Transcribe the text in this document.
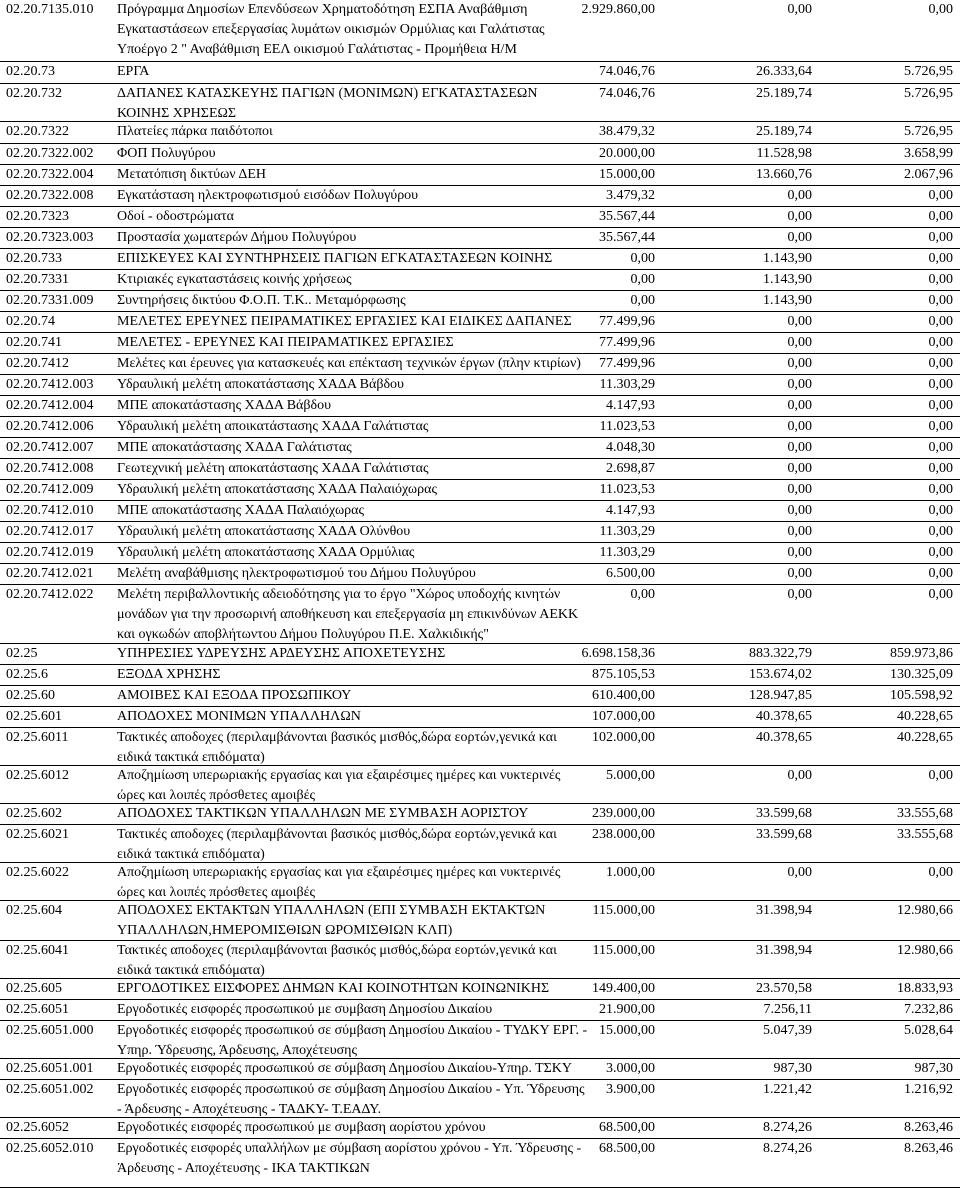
02.20.7135.010 Πρόγραμμα Δημοσίων Επενδύσεων Χρηματοδότηση ΕΣΠΑ Αναβάθμιση
Εγκαταστάσεων επεξεργασίας λυμάτων οικισμών Ορμύλιας και Γαλάτιστας
Υποέργο 2 " Αναβάθμιση ΕΕΛ οικισμού Γαλάτιστας - Προμήθεια Η/Μ
2.929.860,00	0,00	0,00
02.20.73	ΕΡΓΑ	74.046,76	26.333,64	5.726,95
02.20.732	ΔΑΠΑΝΕΣ ΚΑΤΑΣΚΕΥΗΣ ΠΑΓΙΩΝ (ΜΟΝΙΜΩΝ) ΕΓΚΑΤΑΣΤΑΣΕΩΝ
ΚΟΙΝΗΣ ΧΡΗΣΕΩΣ
74.046,76	25.189,74	5.726,95
02.20.7322	Πλατείες πάρκα παιδότοποι	38.479,32	25.189,74	5.726,95
02.20.7322.002 ΦΟΠ Πολυγύρου	20.000,00	11.528,98	3.658,99
02.20.7322.004 Μετατόπιση δικτύων ΔΕΗ	15.000,00	13.660,76	2.067,96
02.20.7322.008 Εγκατάσταση ηλεκτροφωτισμού εισόδων Πολυγύρου	3.479,32	0,00	0,00
02.20.7323	Οδοί - οδοστρώματα	35.567,44	0,00	0,00
02.20.7323.003 Προστασία χωματερών Δήμου Πολυγύρου	35.567,44	0,00	0,00
02.20.733	ΕΠΙΣΚΕΥΕΣ ΚΑΙ ΣΥΝΤΗΡΗΣΕΙΣ ΠΑΓΙΩΝ ΕΓΚΑΤΑΣΤΑΣΕΩΝ ΚΟΙΝΗΣ	0,00	1.143,90	0,00
02.20.7331	Κτιριακές εγκαταστάσεις κοινής χρήσεως	0,00	1.143,90	0,00
02.20.7331.009 Συντηρήσεις δικτύου Φ.Ο.Π. Τ.Κ.. Μεταμόρφωσης	0,00	1.143,90	0,00
02.20.74	ΜΕΛΕΤΕΣ ΕΡΕΥΝΕΣ ΠΕΙΡΑΜΑΤΙΚΕΣ ΕΡΓΑΣΙΕΣ ΚΑΙ ΕΙΔΙΚΕΣ ΔΑΠΑΝΕΣ 77.499,96	0,00	0,00
02.20.741	ΜΕΛΕΤΕΣ - ΕΡΕΥΝΕΣ ΚΑΙ ΠΕΙΡΑΜΑΤΙΚΕΣ ΕΡΓΑΣΙΕΣ	77.499,96	0,00	0,00
02.20.7412	Μελέτες και έρευνες για κατασκευές και επέκταση τεχνικών έργων (πλην κτιρίων) 77.499,96	0,00	0,00
02.20.7412.003 Υδραυλική μελέτη αποκατάστασης ΧΑΔΑ Βάβδου	11.303,29	0,00	0,00
02.20.7412.004 ΜΠΕ αποκατάστασης ΧΑΔΑ Βάβδου	4.147,93	0,00	0,00
02.20.7412.006 Υδραυλική μελέτη αποικατάστασης ΧΑΔΑ Γαλάτιστας	11.023,53	0,00	0,00
02.20.7412.007 ΜΠΕ αποκατάστασης ΧΑΔΑ Γαλάτιστας	4.048,30	0,00	0,00
02.20.7412.008 Γεωτεχνική μελέτη αποκατάστασης ΧΑΔΑ Γαλάτιστας	2.698,87	0,00	0,00
02.20.7412.009 Υδραυλική μελέτη αποκατάστασης ΧΑΔΑ Παλαιόχωρας	11.023,53	0,00	0,00
02.20.7412.010 ΜΠΕ αποκατάστασης ΧΑΔΑ Παλαιόχωρας	4.147,93	0,00	0,00
02.20.7412.017 Υδραυλική μελέτη αποκατάστασης ΧΑΔΑ Ολύνθου	11.303,29	0,00	0,00
02.20.7412.019 Υδραυλική μελέτη αποκατάστασης ΧΑΔΑ Ορμύλιας	11.303,29	0,00	0,00
02.20.7412.021 Μελέτη αναβάθμισης ηλεκτροφωτισμού του Δήμου Πολυγύρου	6.500,00	0,00	0,00
02.20.7412.022 Μελέτη περιβαλλοντικής αδειοδότησης για το έργο "Χώρος υποδοχής κινητών
μονάδων για την προσωρινή αποθήκευση και επεξεργασία μη επικινδύνων ΑΕΚΚ
και ογκωδών αποβλήτωντου Δήμου Πολυγύρου Π.Ε. Χαλκιδικής"
0,00	0,00	0,00
02.25	ΥΠΗΡΕΣΙΕΣ ΥΔΡΕΥΣΗΣ ΑΡΔΕΥΣΗΣ ΑΠΟΧΕΤΕΥΣΗΣ	6.698.158,36	883.322,79	859.973,86
02.25.6	ΕΞΟΔΑ ΧΡΗΣΗΣ	875.105,53	153.674,02	130.325,09
02.25.60	ΑΜΟΙΒΕΣ ΚΑΙ ΕΞΟΔΑ ΠΡΟΣΩΠΙΚΟΥ	610.400,00	128.947,85	105.598,92
02.25.601	ΑΠΟΔΟΧΕΣ ΜΟΝΙΜΩΝ ΥΠΑΛΛΗΛΩΝ	107.000,00	40.378,65	40.228,65
02.25.6011	Τακτικές αποδοχες (περιλαμβάνονται βασικός μισθός,δώρα εορτών,γενικά και
ειδικά τακτικά επιδόματα)
102.000,00	40.378,65	40.228,65
02.25.6012	Αποζημίωση υπερωριακής εργασίας και για εξαιρέσιμες ημέρες και νυκτερινές
ώρες και λοιπές πρόσθετες αμοιβές
5.000,00	0,00	0,00
02.25.602	ΑΠΟΔΟΧΕΣ ΤΑΚΤΙΚΩΝ ΥΠΑΛΛΗΛΩΝ ΜΕ ΣΥΜΒΑΣΗ ΑΟΡΙΣΤΟΥ	239.000,00	33.599,68	33.555,68
02.25.6021	Τακτικές αποδοχες (περιλαμβάνονται βασικός μισθός,δώρα εορτών,γενικά και
ειδικά τακτικά επιδόματα)
238.000,00	33.599,68	33.555,68
02.25.6022	Αποζημίωση υπερωριακής εργασίας και για εξαιρέσιμες ημέρες και νυκτερινές
ώρες και λοιπές πρόσθετες αμοιβές
1.000,00	0,00	0,00
02.25.604	ΑΠΟΔΟΧΕΣ ΕΚΤΑΚΤΩΝ ΥΠΑΛΛΗΛΩΝ (ΕΠΙ ΣΥΜΒΑΣΗ ΕΚΤΑΚΤΩΝ
ΥΠΑΛΛΗΛΩΝ,ΗΜΕΡΟΜΙΣΘΙΩΝ ΩΡΟΜΙΣΘΙΩΝ ΚΛΠ)
115.000,00	31.398,94	12.980,66
02.25.6041	Τακτικές αποδοχες (περιλαμβάνονται βασικός μισθός,δώρα εορτών,γενικά και
ειδικά τακτικά επιδόματα)
115.000,00	31.398,94	12.980,66
02.25.605	ΕΡΓΟΔΟΤΙΚΕΣ ΕΙΣΦΟΡΕΣ ΔΗΜΩΝ ΚΑΙ ΚΟΙΝΟΤΗΤΩΝ ΚΟΙΝΩΝΙΚΗΣ	149.400,00	23.570,58	18.833,93
02.25.6051	Εργοδοτικές εισφορές προσωπικού με συμβαση Δημοσίου Δικαίου	21.900,00	7.256,11	7.232,86
02.25.6051.000 Εργοδοτικές εισφορές προσωπικού σε σύμβαση Δημοσίου Δικαίου - ΤΥΔΚΥ ΕΡΓ. -
Υπηρ. Ύδρευσης, Άρδευσης, Αποχέτευσης
15.000,00	5.047,39	5.028,64
02.25.6051.001 Εργοδοτικές εισφορές προσωπικού σε σύμβαση Δημοσίου Δικαίου-Υπηρ. ΤΣΚΥ 3.000,00	987,30	987,30
02.25.6051.002 Εργοδοτικές εισφορές προσωπικού σε σύμβαση Δημοσίου Δικαίου - Υπ. Ύδρευσης
- Άρδευσης - Αποχέτευσης - ΤΑΔΚΥ- Τ.ΕΑΔΥ.
3.900,00	1.221,42	1.216,92
02.25.6052	Εργοδοτικές εισφορές προσωπικού με συμβαση αορίστου χρόνου	68.500,00	8.274,26	8.263,46
02.25.6052.010 Εργοδοτικές εισφορές υπαλλήλων με σύμβαση αορίστου χρόνου - Υπ. Ύδρευσης -
Άρδευσης - Αποχέτευσης - ΙΚΑ ΤΑΚΤΙΚΩΝ
68.500,00	8.274,26	8.263,46
